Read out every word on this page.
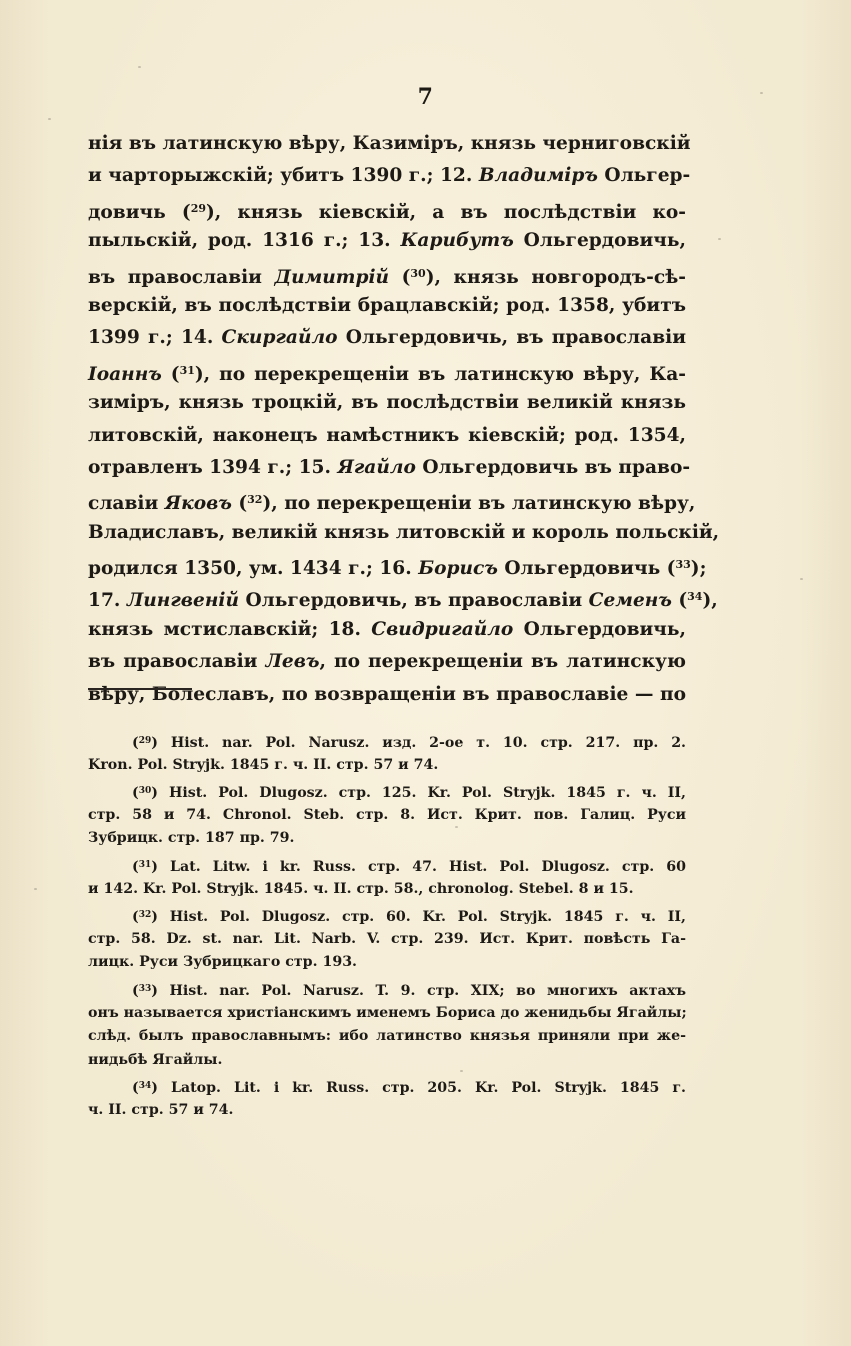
7
нія въ латинскую вѣру, Казиміръ, князь черниговскій
и чарторыжскій; убитъ 1390 г.; 12. Владиміръ Ольгер-
довичь ($^{29}$), князь кіевскій, а въ послѣдствіи ко-
пыльскій, род. 1316 г.; 13. Карибутъ Ольгердовичь,
въ православіи Димитрій ($^{30}$), князь новгородъ-сѣ-
верскій, въ послѣдствіи брацлавскій; род. 1358, убитъ
1399 г.; 14. Скиргайло Ольгердовичь, въ православіи
Іоаннъ ($^{31}$), по перекрещеніи въ латинскую вѣру, Ка-
зиміръ, князь троцкій, въ послѣдствіи великій князь
литовскій, наконецъ намѣстникъ кіевскій; род. 1354,
отравленъ 1394 г.; 15. Ягайло Ольгердовичь въ право-
славіи Яковъ ($^{32}$), по перекрещеніи въ латинскую вѣру,
Владиславъ, великій князь литовскій и король польскій,
родился 1350, ум. 1434 г.; 16. Борисъ Ольгердовичь ($^{33}$);
17. Лингвеній Ольгердовичь, въ православіи Семенъ ($^{34}$),
князь мстиславскій; 18. Свидригайло Ольгердовичь,
въ православіи Левъ, по перекрещеніи въ латинскую
вѣру, Болеславъ, по возвращеніи въ православіе — по
($^{29}$) Hist. nar. Pol. Narusz. изд. 2-ое т. 10. стр. 217. пр. 2.
Kron. Pol. Stryjk. 1845 г. ч. II. стр. 57 и 74.
($^{30}$) Hist. Pol. Dlugosz. стр. 125. Kr. Pol. Stryjk. 1845 г. ч. II,
стр. 58 и 74. Chronol. Steb. стр. 8. Ист. Крит. пов. Галиц. Руси
Зубрицк. стр. 187 пр. 79.
($^{31}$) Lat. Litw. i kr. Russ. стр. 47. Hist. Pol. Dlugosz. стр. 60
и 142. Kr. Pol. Stryjk. 1845. ч. II. стр. 58., chronolog. Stebel. 8 и 15.
($^{32}$) Hist. Pol. Dlugosz. стр. 60. Kr. Pol. Stryjk. 1845 г. ч. II,
стр. 58. Dz. st. nar. Lit. Narb. V. стр. 239. Ист. Крит. повѣсть Га-
лицк. Руси Зубрицкаго стр. 193.
($^{33}$) Hist. nar. Pol. Narusz. T. 9. стр. XIX; во многихъ актахъ
онъ называется христіанскимъ именемъ Бориса до женидьбы Ягайлы;
слѣд. былъ православнымъ: ибо латинство князья приняли при же-
нидьбѣ Ягайлы.
($^{34}$) Latop. Lit. i kr. Russ. стр. 205. Kr. Pol. Stryjk. 1845 г.
ч. II. стр. 57 и 74.
